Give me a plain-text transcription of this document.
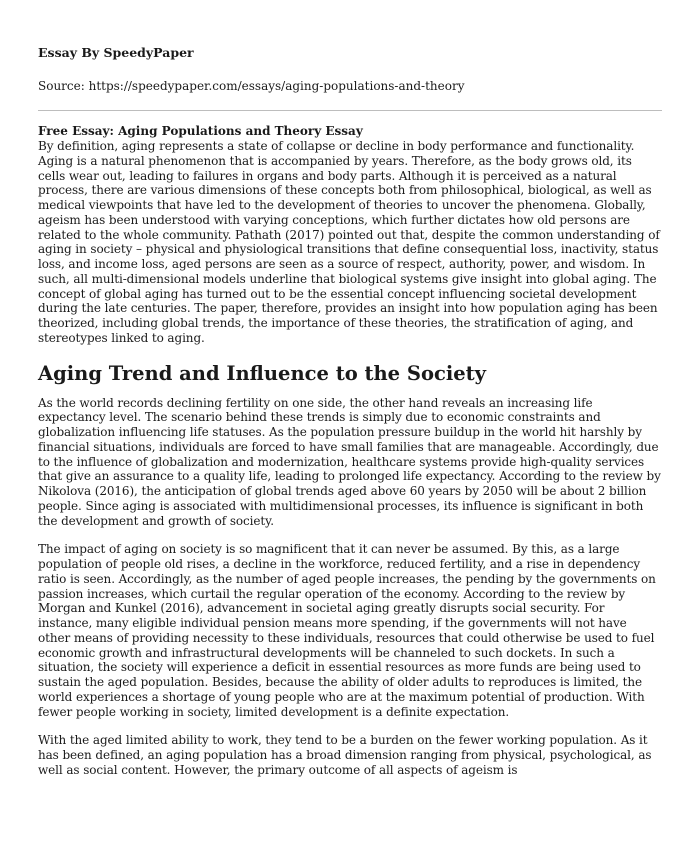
Essay By SpeedyPaper
Source: https://speedypaper.com/essays/aging-populations-and-theory
Free Essay: Aging Populations and Theory Essay

By definition, aging represents a state of collapse or decline in body performance and functionality. Aging is a natural phenomenon that is accompanied by years. Therefore, as the body grows old, its cells wear out, leading to failures in organs and body parts. Although it is perceived as a natural process, there are various dimensions of these concepts both from philosophical, biological, as well as medical viewpoints that have led to the development of theories to uncover the phenomena. Globally, ageism has been understood with varying conceptions, which further dictates how old persons are related to the whole community. Pathath (2017) pointed out that, despite the common understanding of aging in society – physical and physiological transitions that define consequential loss, inactivity, status loss, and income loss, aged persons are seen as a source of respect, authority, power, and wisdom. In such, all multi-dimensional models underline that biological systems give insight into global aging. The concept of global aging has turned out to be the essential concept influencing societal development during the late centuries. The paper, therefore, provides an insight into how population aging has been theorized, including global trends, the importance of these theories, the stratification of aging, and stereotypes linked to aging.

Aging Trend and Influence to the Society

As the world records declining fertility on one side, the other hand reveals an increasing life expectancy level. The scenario behind these trends is simply due to economic constraints and globalization influencing life statuses. As the population pressure buildup in the world hit harshly by financial situations, individuals are forced to have small families that are manageable. Accordingly, due to the influence of globalization and modernization, healthcare systems provide high-quality services that give an assurance to a quality life, leading to prolonged life expectancy. According to the review by Nikolova (2016), the anticipation of global trends aged above 60 years by 2050 will be about 2 billion people. Since aging is associated with multidimensional processes, its influence is significant in both the development and growth of society.

The impact of aging on society is so magnificent that it can never be assumed. By this, as a large population of people old rises, a decline in the workforce, reduced fertility, and a rise in dependency ratio is seen. Accordingly, as the number of aged people increases, the pending by the governments on passion increases, which curtail the regular operation of the economy. According to the review by Morgan and Kunkel (2016), advancement in societal aging greatly disrupts social security. For instance, many eligible individual pension means more spending, if the governments will not have other means of providing necessity to these individuals, resources that could otherwise be used to fuel economic growth and infrastructural developments will be channeled to such dockets. In such a situation, the society will experience a deficit in essential resources as more funds are being used to sustain the aged population. Besides, because the ability of older adults to reproduces is limited, the world experiences a shortage of young people who are at the maximum potential of production. With fewer people working in society, limited development is a definite expectation.

With the aged limited ability to work, they tend to be a burden on the fewer working population. As it has been defined, an aging population has a broad dimension ranging from physical, psychological, as well as social content. However, the primary outcome of all aspects of ageism is
